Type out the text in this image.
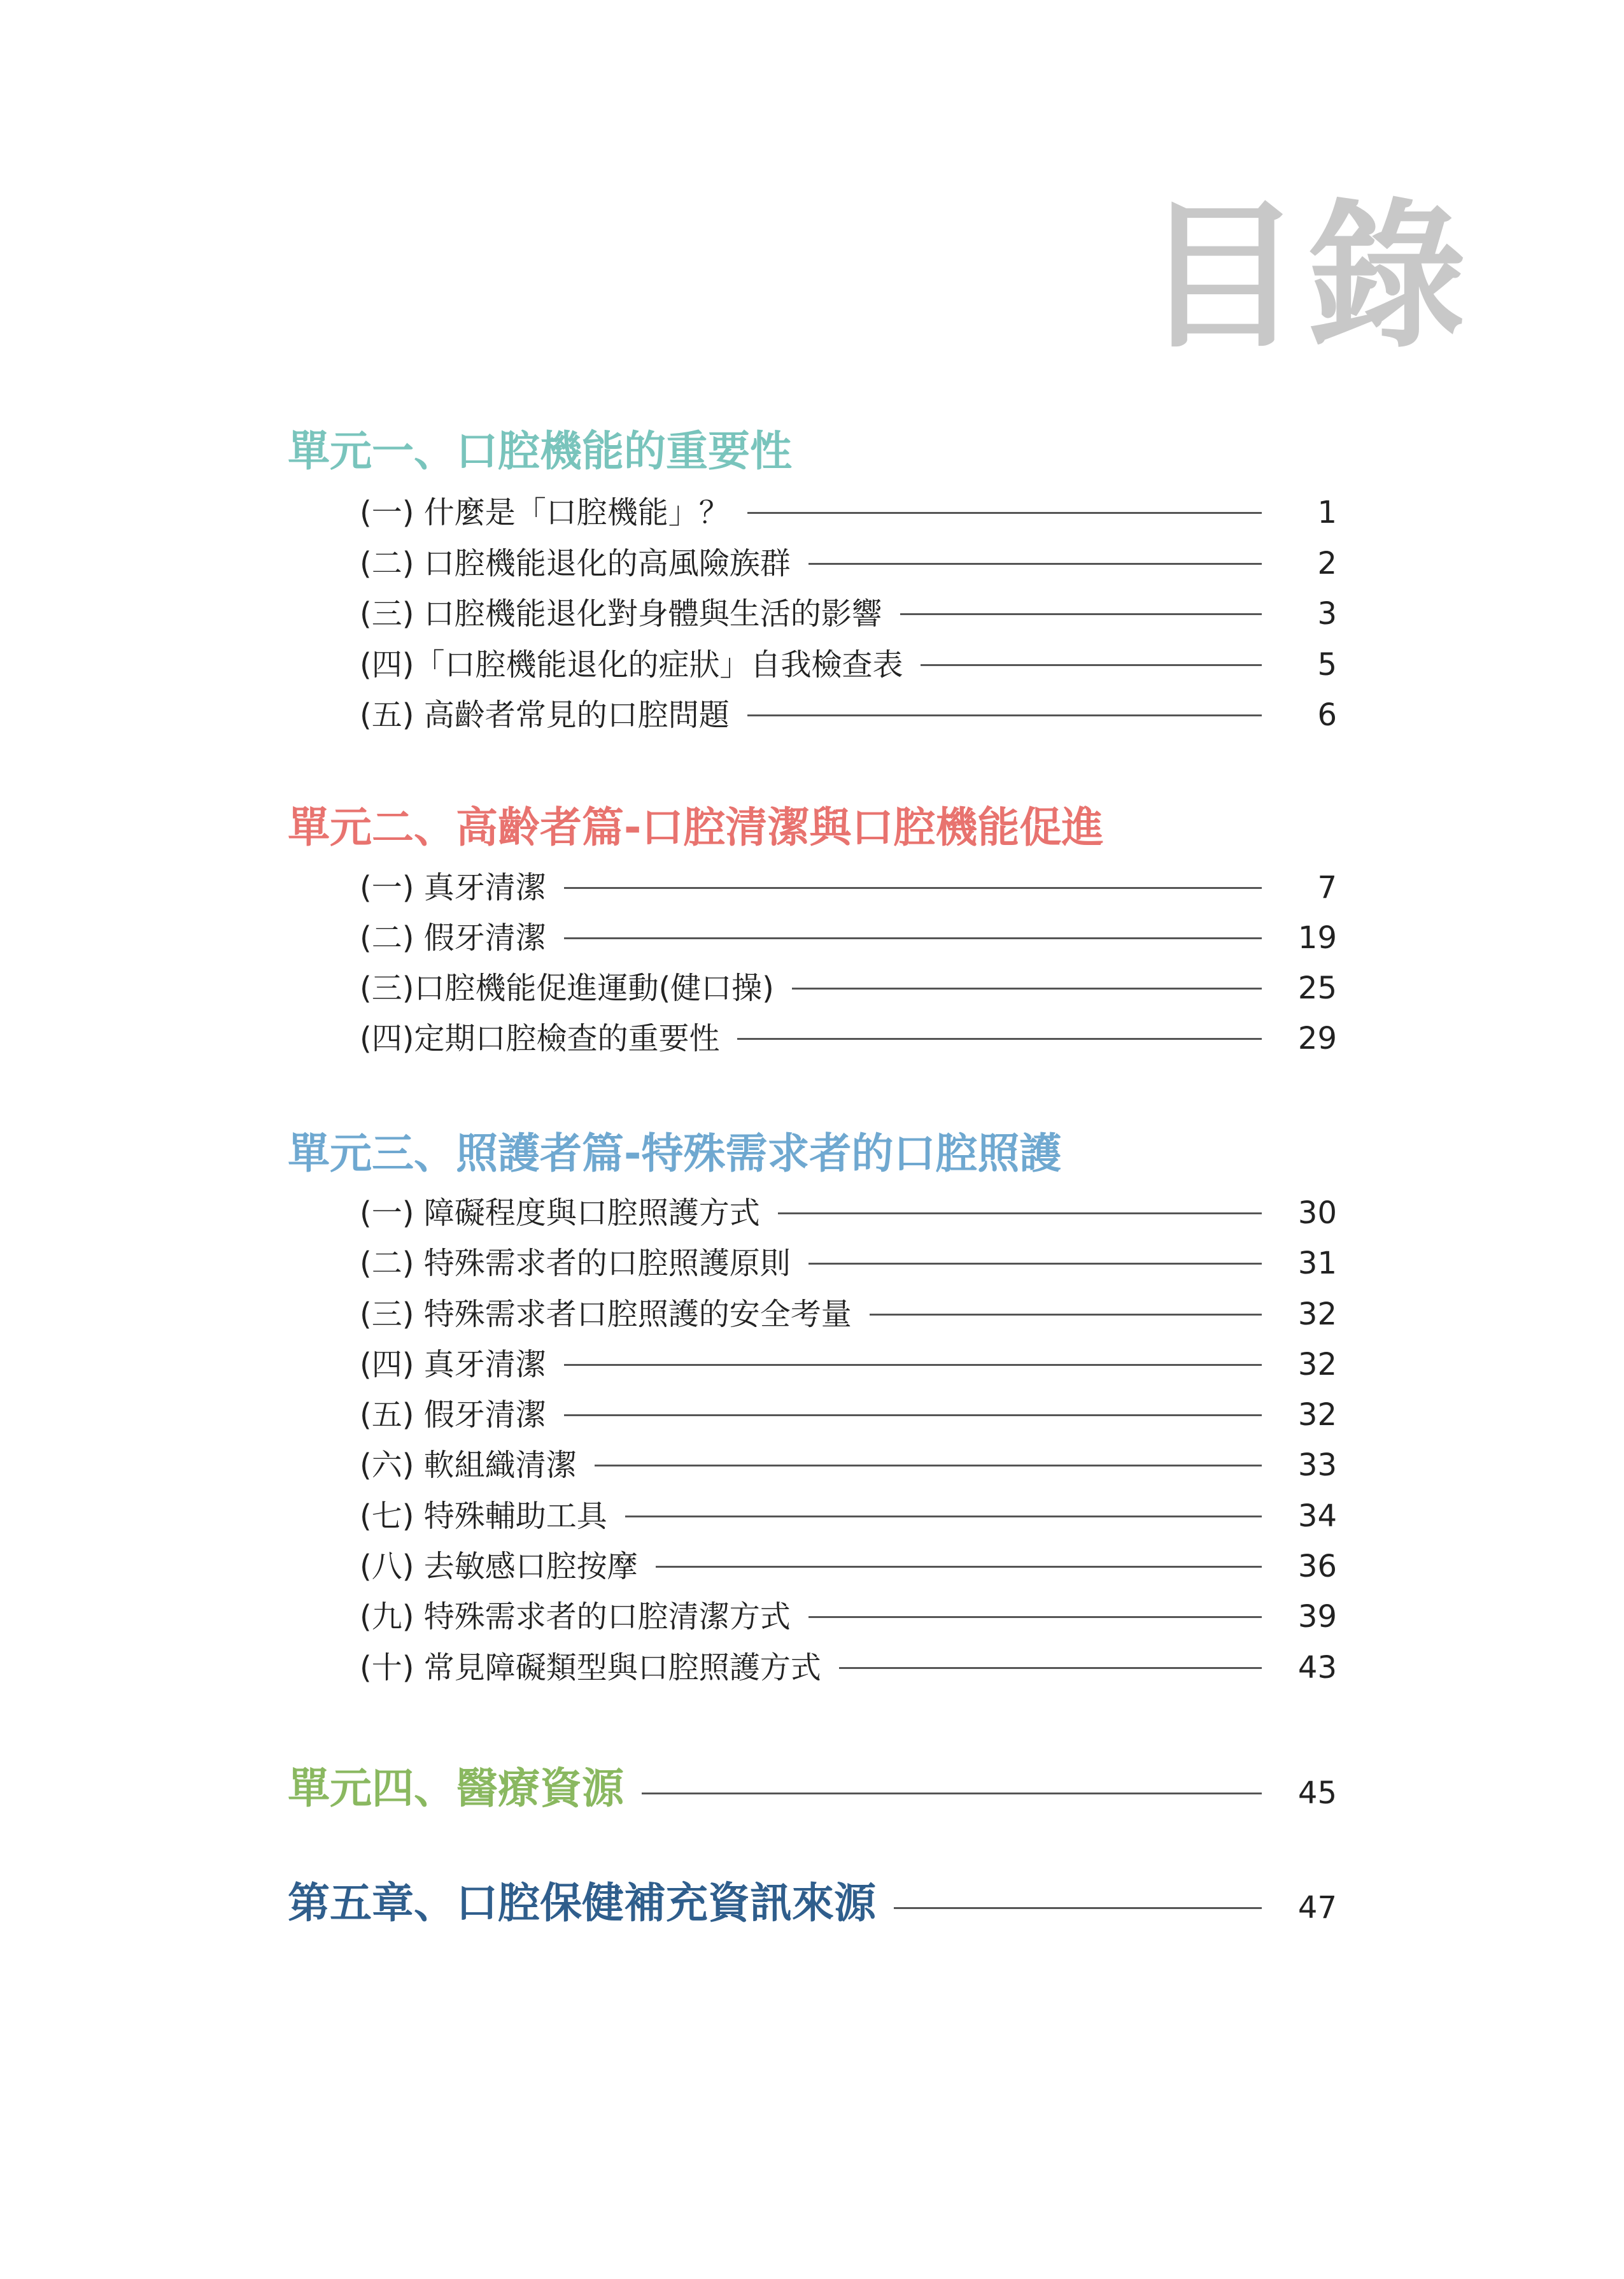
目錄
單元一、口腔機能的重要性
(一) 什麼是「口腔機能」？	1
(二) 口腔機能退化的高風險族群	2
(三) 口腔機能退化對身體與生活的影響	3
(四)「口腔機能退化的症狀」自我檢查表	5
(五) 高齡者常見的口腔問題	6
單元二、高齡者篇-口腔清潔與口腔機能促進
(一) 真牙清潔	7
(二) 假牙清潔	19
(三)口腔機能促進運動(健口操)	25
(四)定期口腔檢查的重要性	29
單元三、照護者篇-特殊需求者的口腔照護
(一) 障礙程度與口腔照護方式	30
(二) 特殊需求者的口腔照護原則	31
(三) 特殊需求者口腔照護的安全考量	32
(四) 真牙清潔	32
(五) 假牙清潔	32
(六) 軟組織清潔	33
(七) 特殊輔助工具	34
(八) 去敏感口腔按摩	36
(九) 特殊需求者的口腔清潔方式	39
(十) 常見障礙類型與口腔照護方式	43
單元四、醫療資源	45
第五章、口腔保健補充資訊來源	47
